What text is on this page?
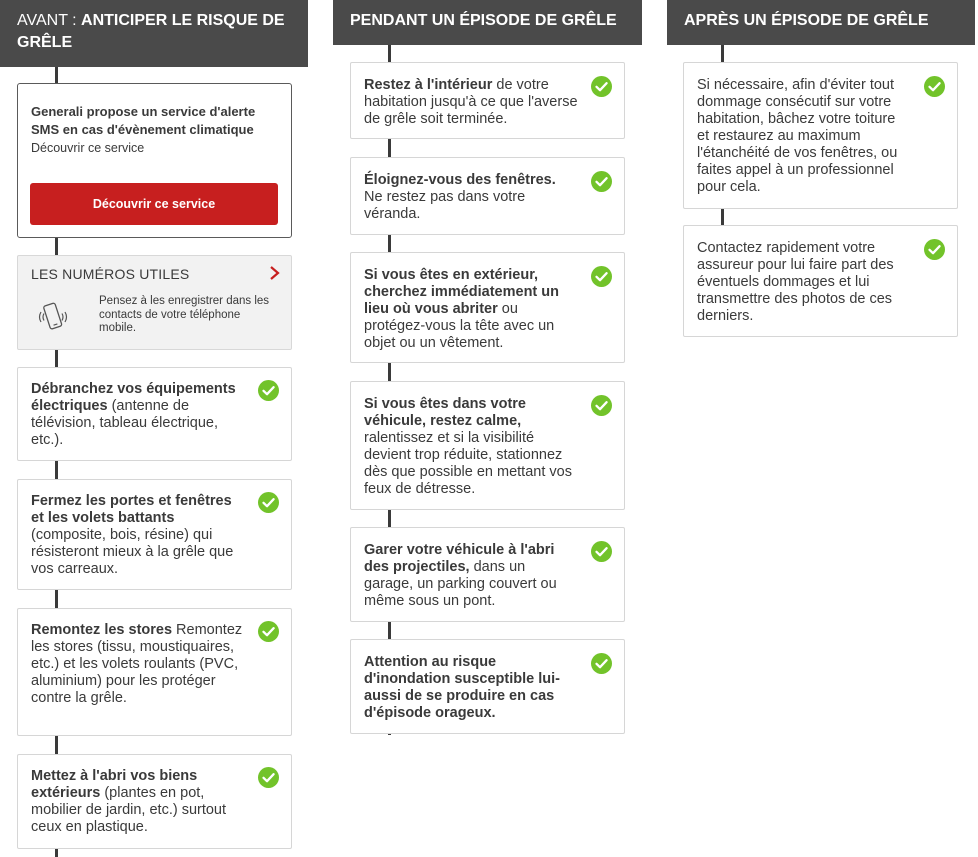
AVANT : ANTICIPER LE RISQUE DE GRÊLE
Generali propose un service d'alerte SMS en cas d'évènement climatique
Découvrir ce service
Découvrir ce service
LES NUMÉROS UTILES
Pensez à les enregistrer dans les contacts de votre téléphone mobile.
Débranchez vos équipements électriques (antenne de télévision, tableau électrique, etc.).
Fermez les portes et fenêtres et les volets battants (composite, bois, résine) qui résisteront mieux à la grêle que vos carreaux.
Remontez les stores Remontez les stores (tissu, moustiquaires, etc.) et les volets roulants (PVC, aluminium) pour les protéger contre la grêle.
Mettez à l'abri vos biens extérieurs (plantes en pot, mobilier de jardin, etc.) surtout ceux en plastique.
PENDANT UN ÉPISODE DE GRÊLE
Restez à l'intérieur de votre habitation jusqu'à ce que l'averse de grêle soit terminée.
Éloignez-vous des fenêtres. Ne restez pas dans votre véranda.
Si vous êtes en extérieur, cherchez immédiatement un lieu où vous abriter ou protégez-vous la tête avec un objet ou un vêtement.
Si vous êtes dans votre véhicule, restez calme, ralentissez et si la visibilité devient trop réduite, stationnez dès que possible en mettant vos feux de détresse.
Garer votre véhicule à l'abri des projectiles, dans un garage, un parking couvert ou même sous un pont.
Attention au risque d'inondation susceptible lui-aussi de se produire en cas d'épisode orageux.
APRÈS UN ÉPISODE DE GRÊLE
Si nécessaire, afin d'éviter tout dommage consécutif sur votre habitation, bâchez votre toiture et restaurez au maximum l'étanchéité de vos fenêtres, ou faites appel à un professionnel pour cela.
Contactez rapidement votre assureur pour lui faire part des éventuels dommages et lui transmettre des photos de ces derniers.
